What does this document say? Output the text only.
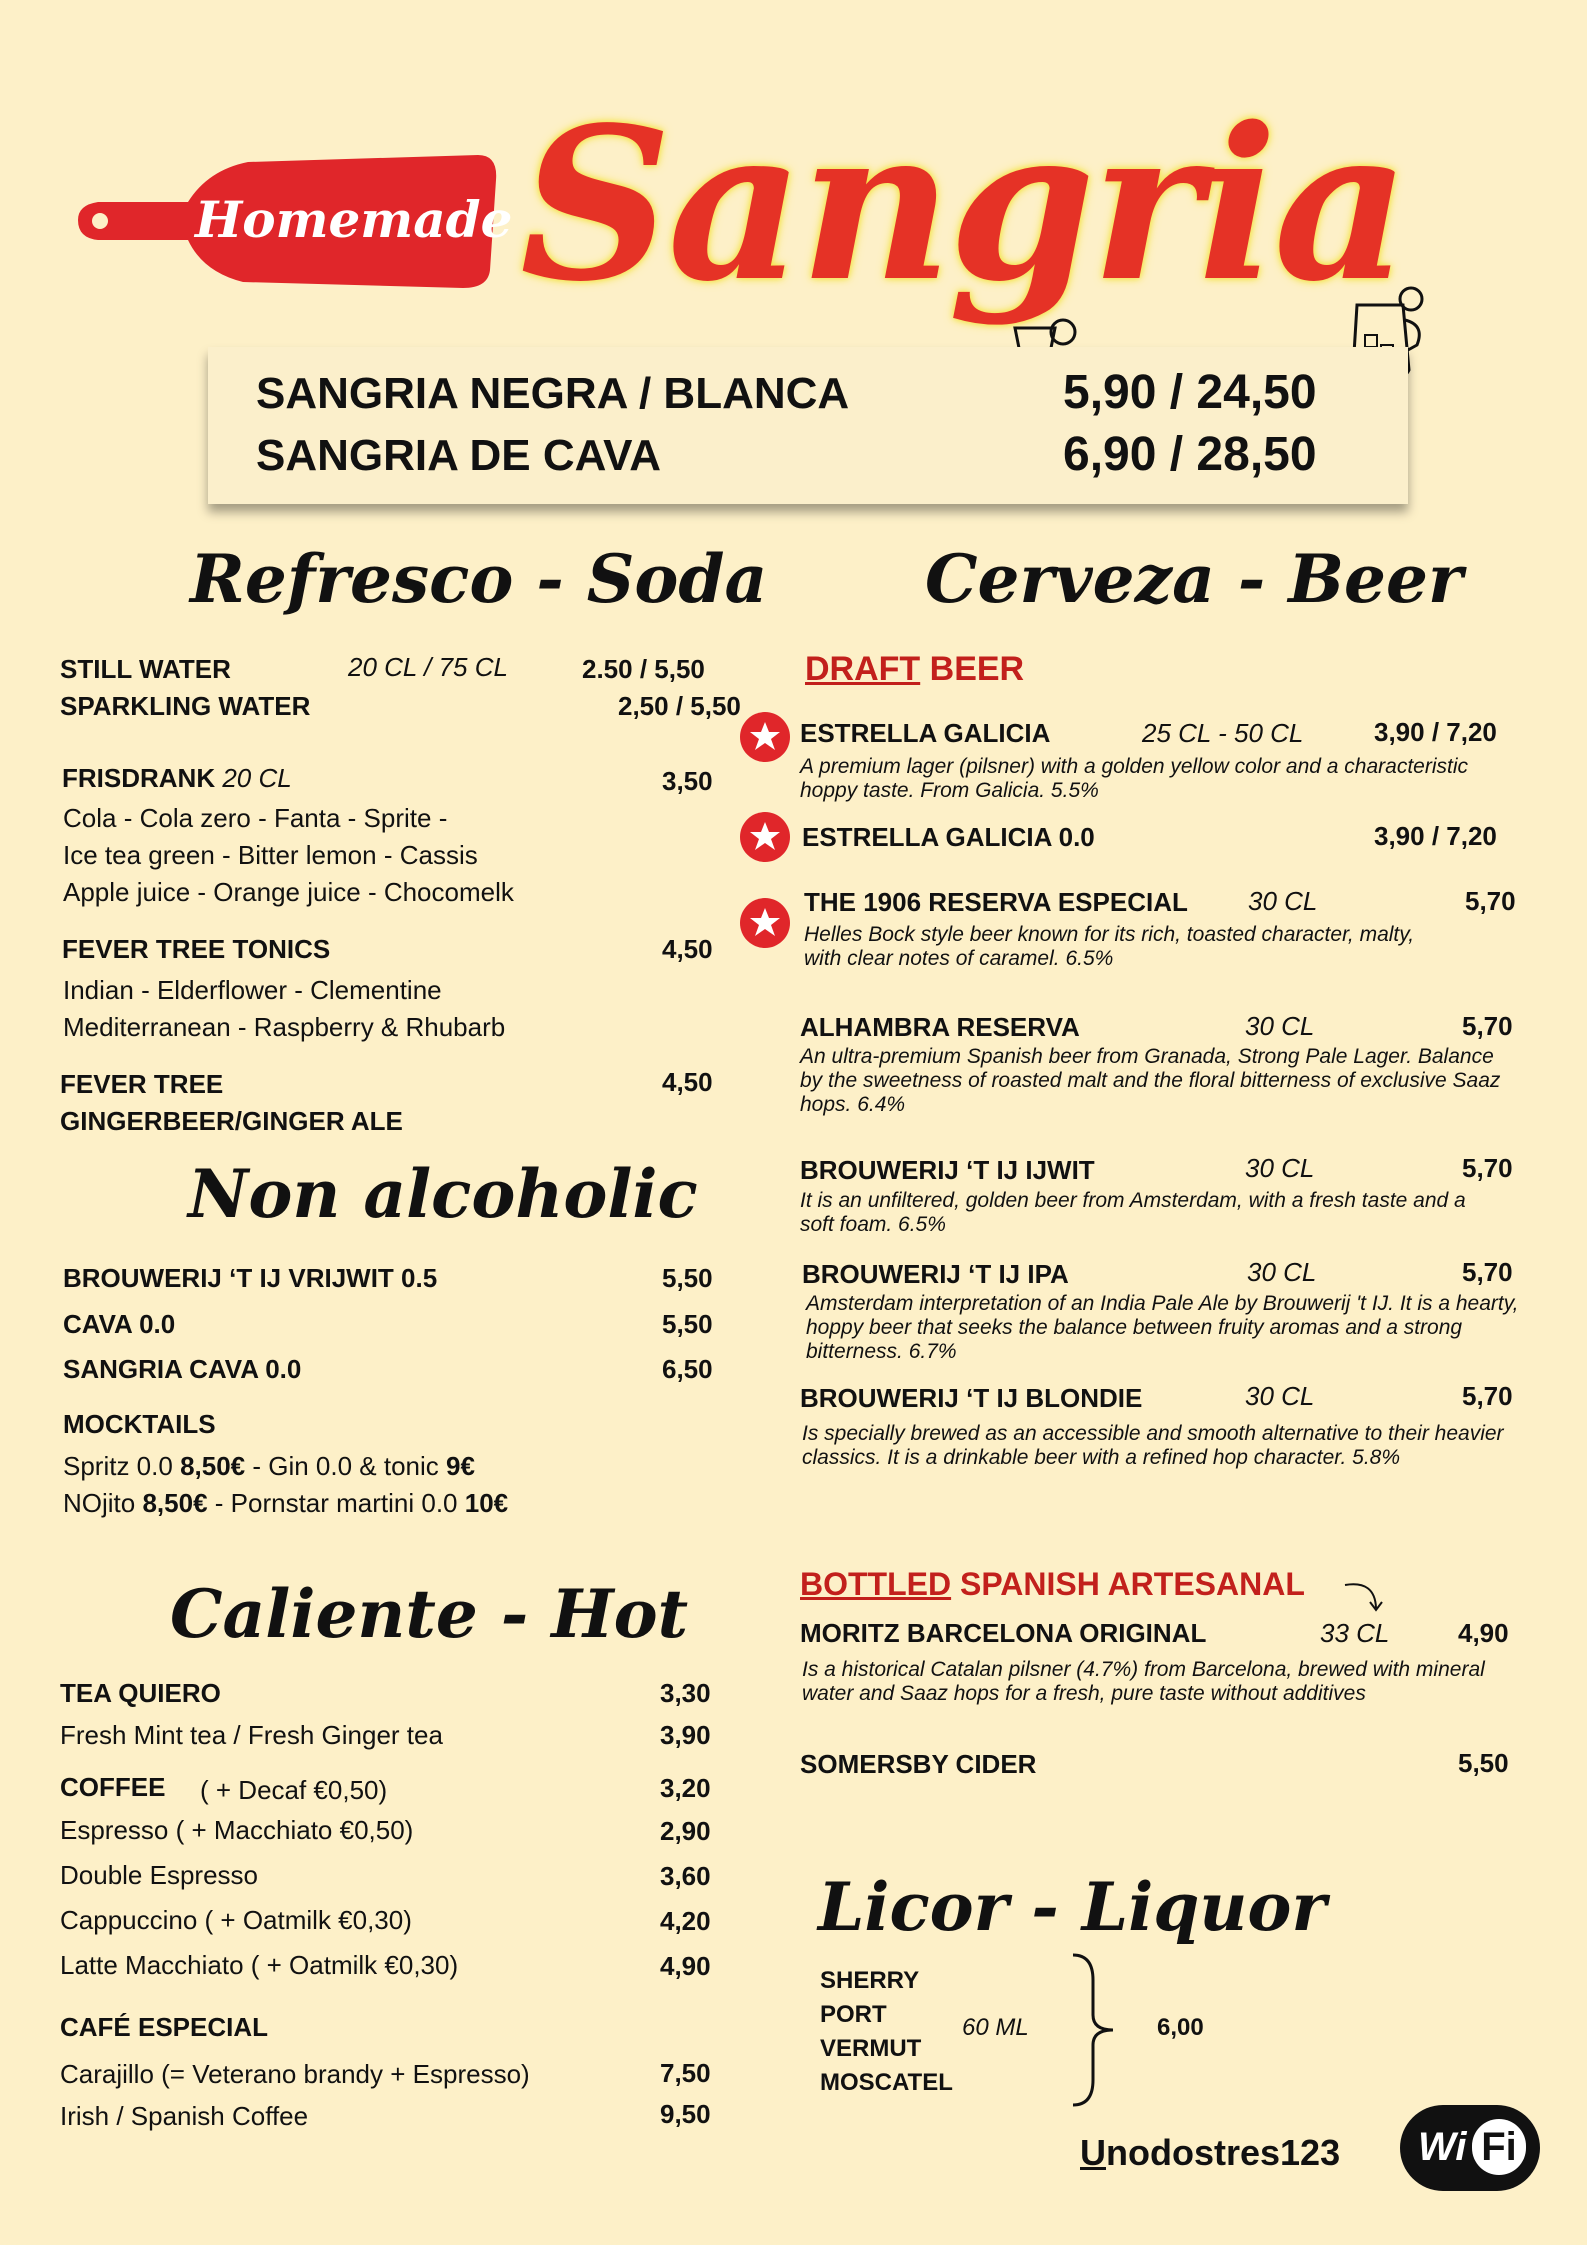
Homemade Sangria
SANGRIA NEGRA / BLANCA	5,90 / 24,50
SANGRIA DE CAVA	6,90 / 28,50
Refresco - Soda
STILL WATER	20 CL / 75 CL	2.50 / 5,50
SPARKLING WATER	2,50 / 5,50
FRISDRANK 20 CL	3,50
Cola - Cola zero - Fanta - Sprite -
Ice tea green - Bitter lemon - Cassis
Apple juice - Orange juice - Chocomelk
FEVER TREE TONICS	4,50
Indian - Elderflower - Clementine
Mediterranean - Raspberry & Rhubarb
FEVER TREE	4,50
GINGERBEER/GINGER ALE
Non alcoholic
BROUWERIJ ‘T IJ VRIJWIT 0.5	5,50
CAVA 0.0	5,50
SANGRIA CAVA 0.0	6,50
MOCKTAILS
Spritz 0.0 8,50€ - Gin 0.0 & tonic 9€
NOjito 8,50€ - Pornstar martini 0.0 10€
Caliente - Hot
TEA QUIERO	3,30
Fresh Mint tea / Fresh Ginger tea	3,90
COFFEE ( + Decaf €0,50)	3,20
Espresso ( + Macchiato €0,50)	2,90
Double Espresso	3,60
Cappuccino ( + Oatmilk €0,30)	4,20
Latte Macchiato ( + Oatmilk €0,30)	4,90
CAFÉ ESPECIAL
Carajillo (= Veterano brandy + Espresso)	7,50
Irish / Spanish Coffee	9,50
Cerveza - Beer
DRAFT BEER
ESTRELLA GALICIA	25 CL - 50 CL	3,90 / 7,20
A premium lager (pilsner) with a golden yellow color and a characteristic hoppy taste. From Galicia. 5.5%
ESTRELLA GALICIA 0.0	3,90 / 7,20
THE 1906 RESERVA ESPECIAL 30 CL	5,70
Helles Bock style beer known for its rich, toasted character, malty, with clear notes of caramel. 6.5%
ALHAMBRA RESERVA	30 CL	5,70
An ultra-premium Spanish beer from Granada, Strong Pale Lager. Balance by the sweetness of roasted malt and the floral bitterness of exclusive Saaz hops. 6.4%
BROUWERIJ ‘T IJ IJWIT	30 CL	5,70
It is an unfiltered, golden beer from Amsterdam, with a fresh taste and a soft foam. 6.5%
BROUWERIJ ‘T IJ IPA	30 CL	5,70
Amsterdam interpretation of an India Pale Ale by Brouwerij 't IJ. It is a hearty, hoppy beer that seeks the balance between fruity aromas and a strong bitterness. 6.7%
BROUWERIJ ‘T IJ BLONDIE	30 CL	5,70
Is specially brewed as an accessible and smooth alternative to their heavier classics. It is a drinkable beer with a refined hop character. 5.8%
BOTTLED SPANISH ARTESANAL
MORITZ BARCELONA ORIGINAL	33 CL	4,90
Is a historical Catalan pilsner (4.7%) from Barcelona, brewed with mineral water and Saaz hops for a fresh, pure taste without additives
SOMERSBY CIDER	5,50
Licor - Liquor
SHERRY
PORT
VERMUT
MOSCATEL
60 ML	6,00
Unodostres123 Wi Fi
